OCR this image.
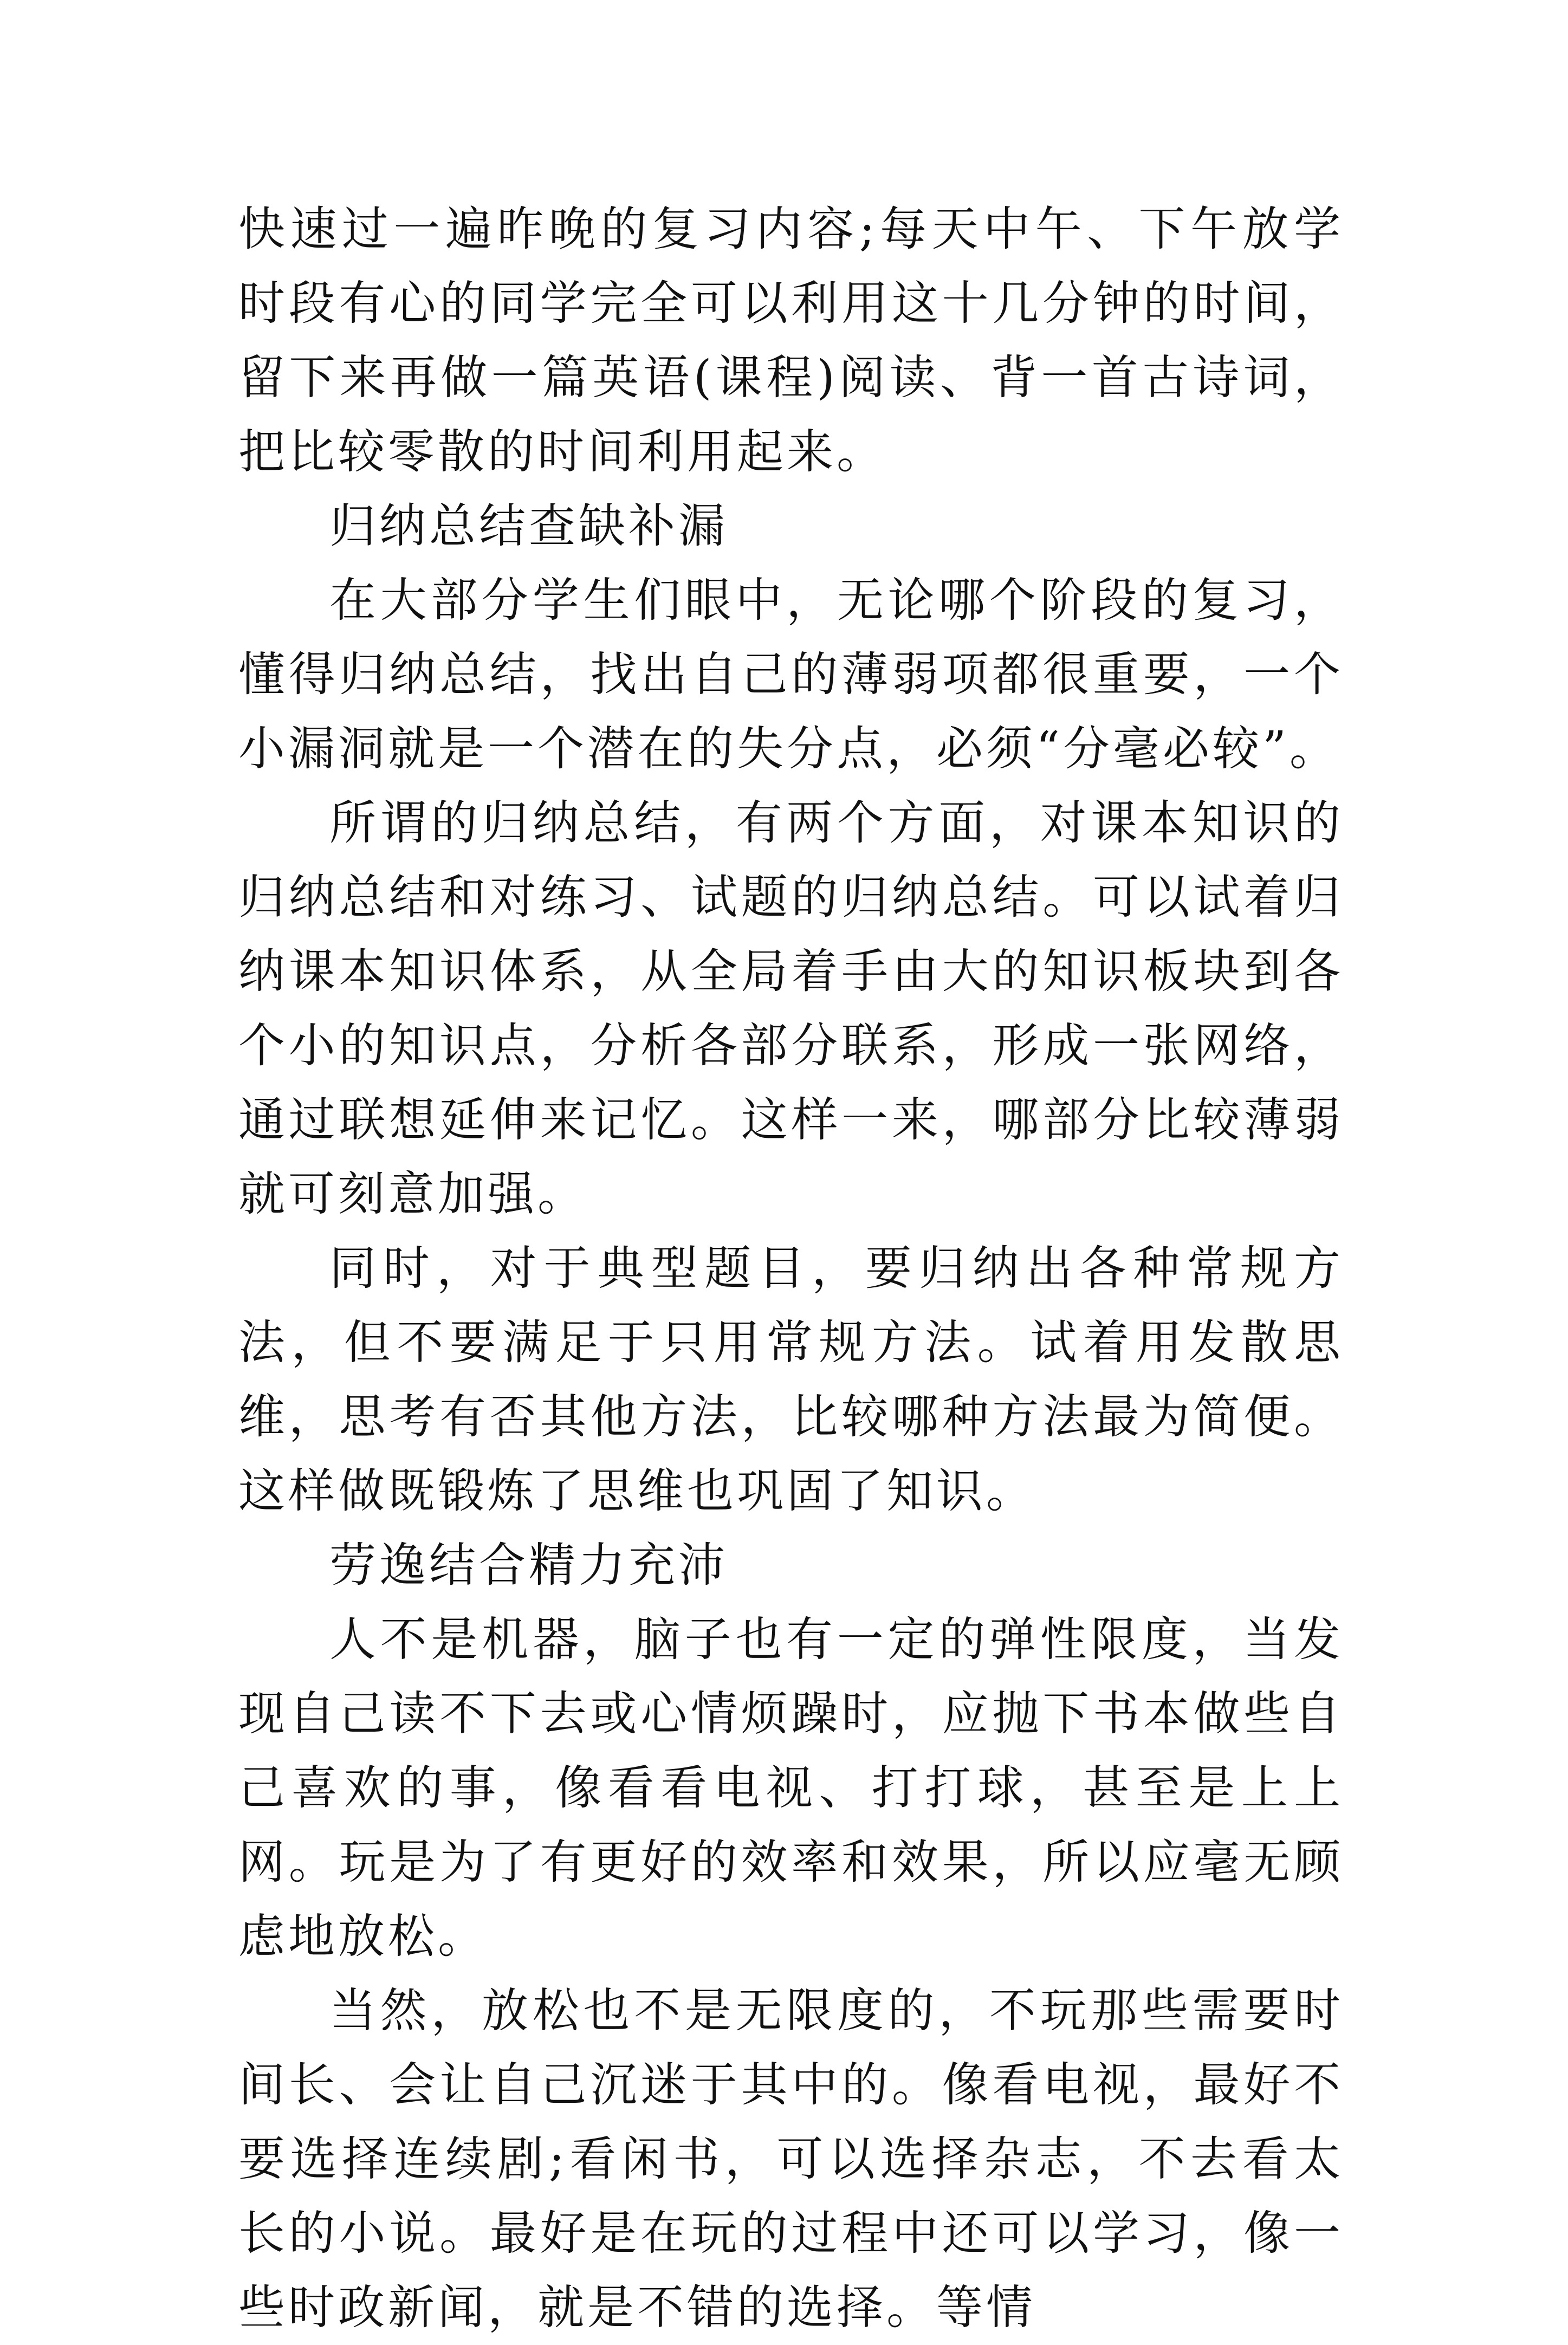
快速过一遍昨晚的复习内容;每天中午、下午放学时段有心的同学完全可以利用这十几分钟的时间，留下来再做一篇英语(课程)阅读、背一首古诗词，把比较零散的时间利用起来。

归纳总结查缺补漏

在大部分学生们眼中，无论哪个阶段的复习，懂得归纳总结，找出自己的薄弱项都很重要，一个小漏洞就是一个潜在的失分点，必须“分毫必较”。

所谓的归纳总结，有两个方面，对课本知识的归纳总结和对练习、试题的归纳总结。可以试着归纳课本知识体系，从全局着手由大的知识板块到各个小的知识点，分析各部分联系，形成一张网络，通过联想延伸来记忆。这样一来，哪部分比较薄弱就可刻意加强。

同时，对于典型题目，要归纳出各种常规方法，但不要满足于只用常规方法。试着用发散思维，思考有否其他方法，比较哪种方法最为简便。这样做既锻炼了思维也巩固了知识。

劳逸结合精力充沛

人不是机器，脑子也有一定的弹性限度，当发现自己读不下去或心情烦躁时，应抛下书本做些自己喜欢的事，像看看电视、打打球，甚至是上上网。玩是为了有更好的效率和效果，所以应毫无顾虑地放松。

当然，放松也不是无限度的，不玩那些需要时间长、会让自己沉迷于其中的。像看电视，最好不要选择连续剧;看闲书，可以选择杂志，不去看太长的小说。最好是在玩的过程中还可以学习，像一些时政新闻，就是不错的选择。等情
